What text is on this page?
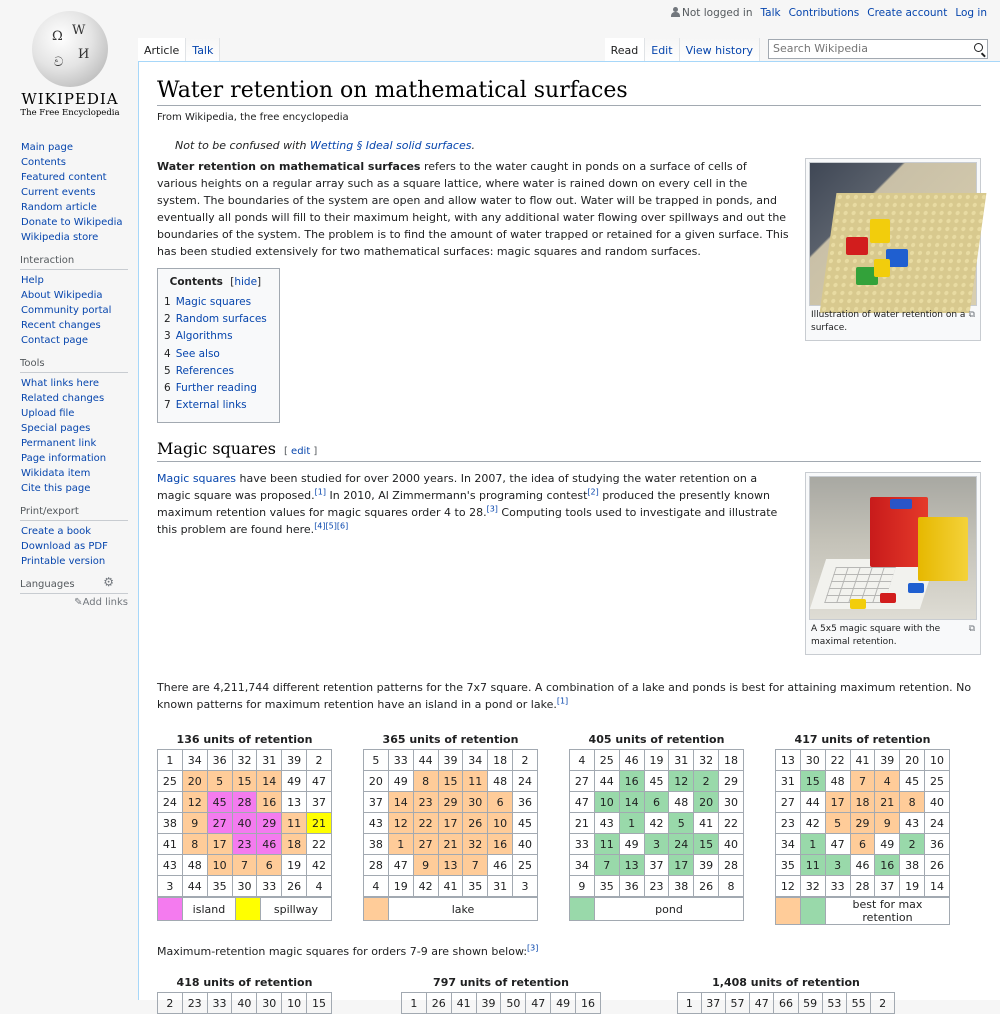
Not logged in Talk Contributions Create account Log in
Ω W
И
ව
WIKIPEDIA
The Free Encyclopedia
Article	Talk	Read	Edit	View history
Search Wikipedia
Main page
Contents
Featured content
Current events
Random article
Donate to Wikipedia
Wikipedia store
Interaction
Help
About Wikipedia
Community portal
Recent changes
Contact page
Tools
What links here
Related changes
Upload file
Special pages
Permanent link
Page information
Wikidata item
Cite this page
Print/export
Create a book
Download as PDF
Printable version
⚙
Languages
✎Add links
Water retention on mathematical surfaces
From Wikipedia, the free encyclopedia
Not to be confused with Wetting § Ideal solid surfaces.
⧉
Illustration of water retention on a surface.

Water retention on mathematical surfaces refers to the water caught in ponds on a surface of cells of various heights on a regular array such as a square lattice, where water is rained down on every cell in the system. The boundaries of the system are open and allow water to flow out. Water will be trapped in ponds, and eventually all ponds will fill to their maximum height, with any additional water flowing over spillways and out the boundaries of the system. The problem is to find the amount of water trapped or retained for a given surface. This has been studied extensively for two mathematical surfaces: magic squares and random surfaces.

Contents [hide]
1 Magic squares
2 Random surfaces
3 Algorithms
4 See also
5 References
6 Further reading
7 External links
Magic squares [ edit ]
⧉
A 5x5 magic square with the maximal retention.

Magic squares have been studied for over 2000 years. In 2007, the idea of studying the water retention on a magic square was proposed.[1] In 2010, Al Zimmermann's programing contest[2] produced the presently known maximum retention values for magic squares order 4 to 28.[3] Computing tools used to investigate and illustrate this problem are found here.[4][5][6]

There are 4,211,744 different retention patterns for the 7x7 square. A combination of a lake and ponds is best for attaining maximum retention. No known patterns for maximum retention have an island in a pond or lake.[1]

136 units of retention
1	34	36	32	31	39	2
25	20	5	15	14	49	47
24	12	45	28	16	13	37
38	9	27	40	29	11	21
41	8	17	23	46	18	22
43	48	10	7	6	19	42
3	44	35	30	33	26	4
	island		spillway
365 units of retention
5	33	44	39	34	18	2
20	49	8	15	11	48	24
37	14	23	29	30	6	36
43	12	22	17	26	10	45
38	1	27	21	32	16	40
28	47	9	13	7	46	25
4	19	42	41	35	31	3
	lake
405 units of retention
4	25	46	19	31	32	18
27	44	16	45	12	2	29
47	10	14	6	48	20	30
21	43	1	42	5	41	22
33	11	49	3	24	15	40
34	7	13	37	17	39	28
9	35	36	23	38	26	8
	pond
417 units of retention
13	30	22	41	39	20	10
31	15	48	7	4	45	25
27	44	17	18	21	8	40
23	42	5	29	9	43	24
34	1	47	6	49	2	36
35	11	3	46	16	38	26
12	32	33	28	37	19	14
		best for max retention

Maximum-retention magic squares for orders 7-9 are shown below:[3]

418 units of retention
2	23	33	40	30	10	15
797 units of retention
1	26	41	39	50	47	49	16
1,408 units of retention
1	37	57	47	66	59	53	55	2
